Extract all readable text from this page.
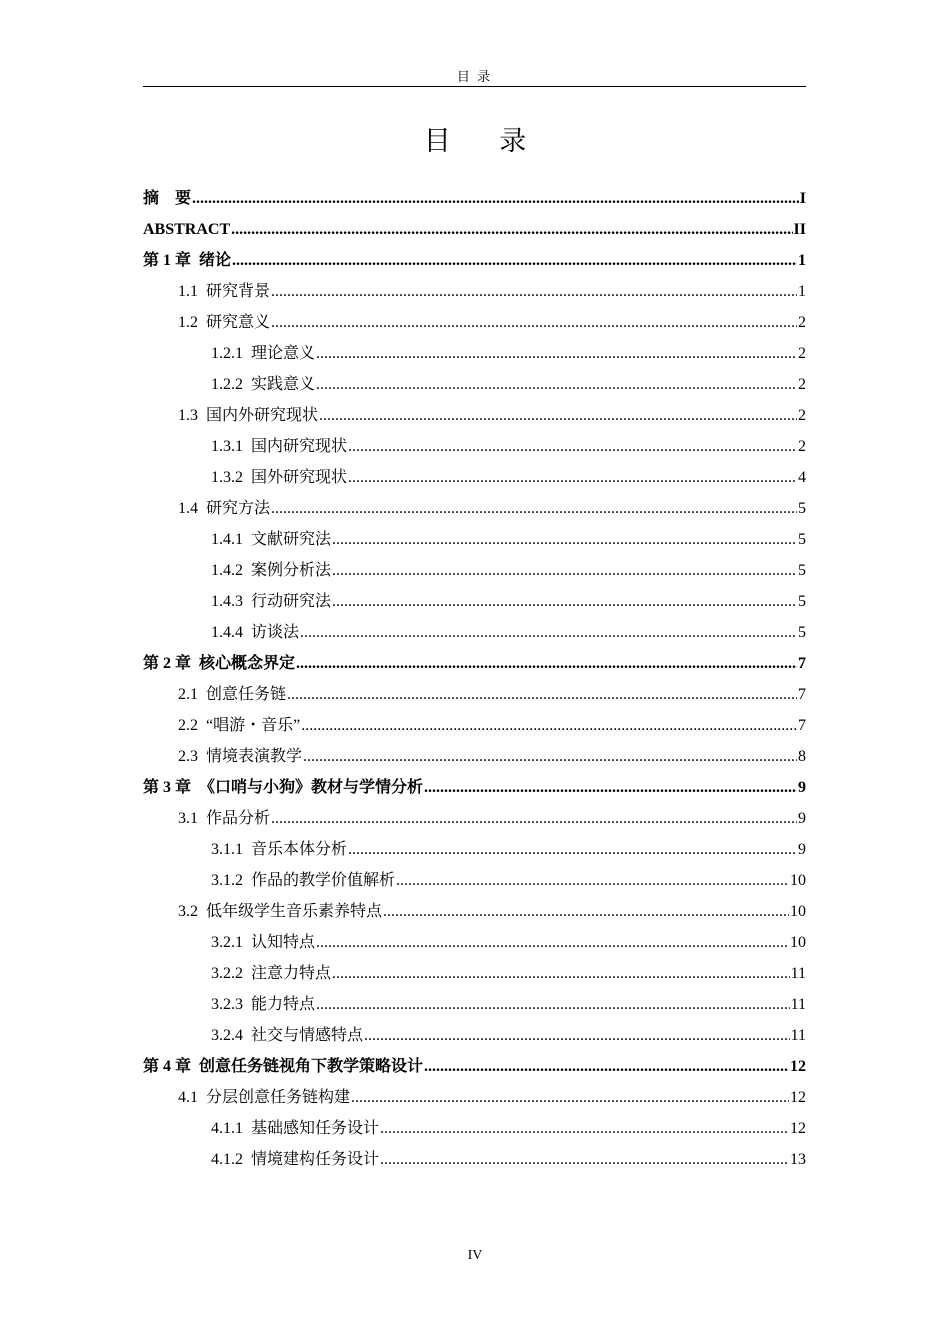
目 录
目 录
摘　要 .....	I
ABSTRACT .....	II
第 1 章 绪论 .....	1
1.1 研究背景 .....	1
1.2 研究意义 .....	2
1.2.1 理论意义 .....	2
1.2.2 实践意义 .....	2
1.3 国内外研究现状 .....	2
1.3.1 国内研究现状 .....	2
1.3.2 国外研究现状 .....	4
1.4 研究方法 .....	5
1.4.1 文献研究法 .....	5
1.4.2 案例分析法 .....	5
1.4.3 行动研究法 .....	5
1.4.4 访谈法 .....	5
第 2 章 核心概念界定 .....	7
2.1 创意任务链 .....	7
2.2 “唱游・音乐” .....	7
2.3 情境表演教学 .....	8
第 3 章 《口哨与小狗》教材与学情分析 .....	9
3.1 作品分析 .....	9
3.1.1 音乐本体分析 .....	9
3.1.2 作品的教学价值解析 .....	10
3.2 低年级学生音乐素养特点 .....	10
3.2.1 认知特点 .....	10
3.2.2 注意力特点 .....	11
3.2.3 能力特点 .....	11
3.2.4 社交与情感特点 .....	11
第 4 章 创意任务链视角下教学策略设计 .....	12
4.1 分层创意任务链构建 .....	12
4.1.1 基础感知任务设计 .....	12
4.1.2 情境建构任务设计 .....	13
IV
